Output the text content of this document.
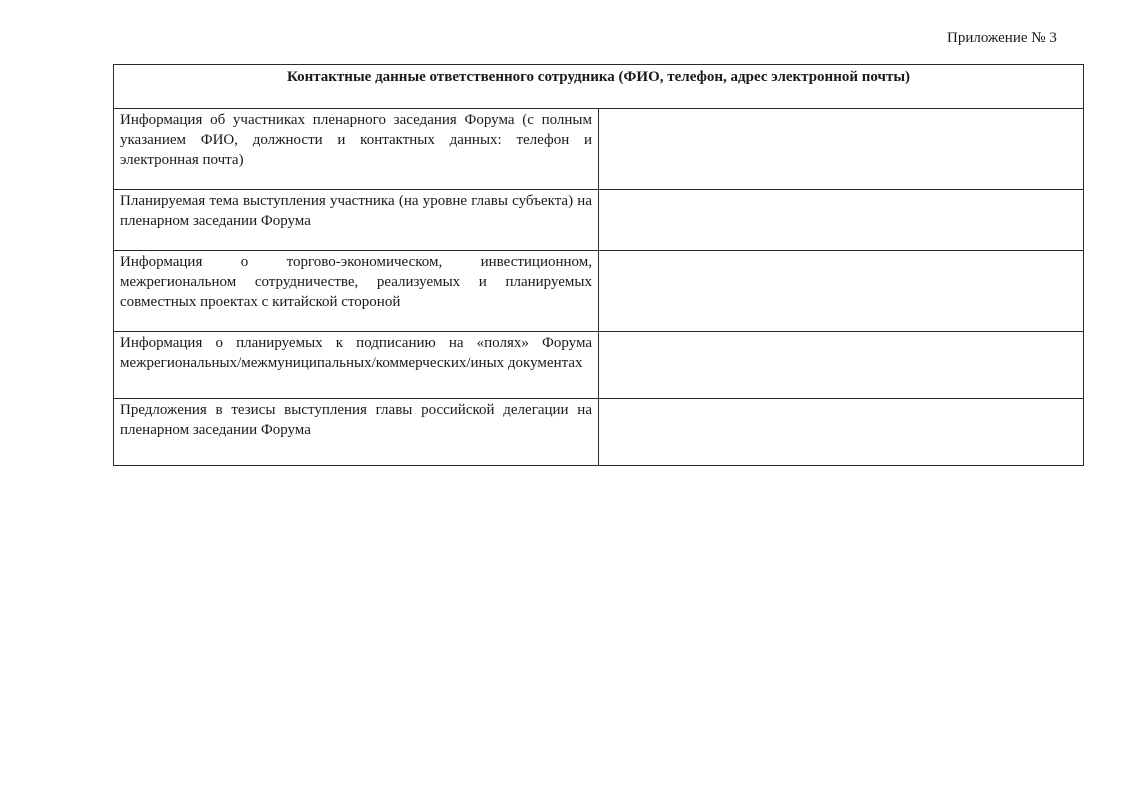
Приложение № 3
Контактные данные ответственного сотрудника (ФИО, телефон, адрес электронной почты)	

Информация об участниках пленарного заседания Форума (с полным указанием ФИО, должности и контактных данных: телефон и электронная почта)	

Планируемая тема выступления участника (на уровне главы субъекта) на пленарном заседании Форума	

Информация о торгово-экономическом, инвестиционном, межрегиональном сотрудничестве, реализуемых и планируемых совместных проектах с китайской стороной	

Информация о планируемых к подписанию на «полях» Форума межрегиональных/межмуниципальных/коммерческих/иных документах	

Предложения в тезисы выступления главы российской делегации на пленарном заседании Форума	
